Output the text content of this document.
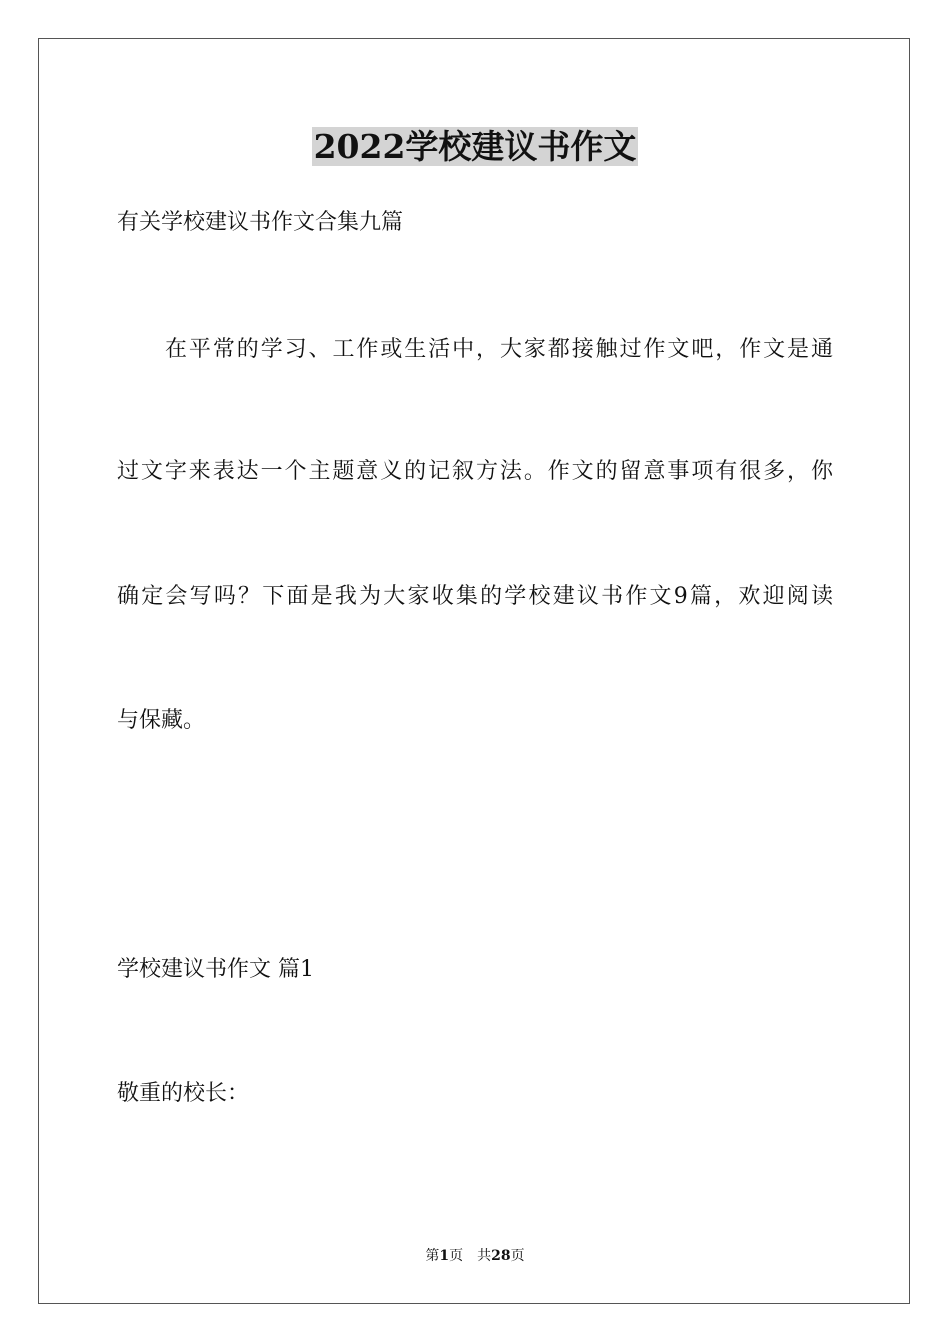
2022学校建议书作文
有关学校建议书作文合集九篇
在平常的学习、工作或生活中，大家都接触过作文吧，作文是通
过文字来表达一个主题意义的记叙方法。作文的留意事项有很多，你
确定会写吗？下面是我为大家收集的学校建议书作文9篇，欢迎阅读
与保藏。
学校建议书作文 篇1
敬重的校长：
第1页　共28页
